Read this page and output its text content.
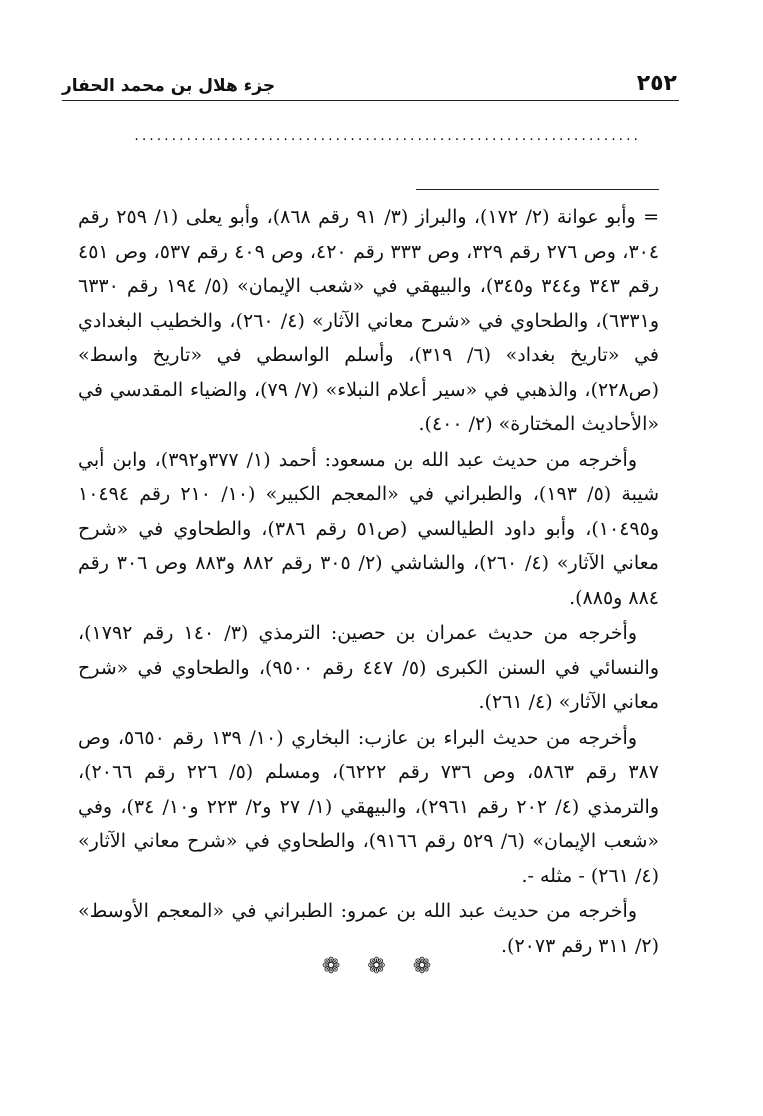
جزء هلال بن محمد الحفار	٢٥٢
....................................................................

= وأبو عوانة (٢/ ١٧٢)، والبراز (٣/ ٩١ رقم ٨٦٨)، وأبو يعلى (١/ ٢٥٩ رقم ٣٠٤، وص ٢٧٦ رقم ٣٢٩، وص ٣٣٣ رقم ٤٢٠، وص ٤٠٩ رقم ٥٣٧، وص ٤٥١ رقم ٣٤٣ و٣٤٤ و٣٤٥)، والبيهقي في «شعب الإيمان» (٥/ ١٩٤ رقم ٦٣٣٠ و٦٣٣١)، والطحاوي في «شرح معاني الآثار» (٤/ ٢٦٠)، والخطيب البغدادي في «تاريخ بغداد» (٦/ ٣١٩)، وأسلم الواسطي في «تاريخ واسط» (ص٢٢٨)، والذهبي في «سير أعلام النبلاء» (٧/ ٧٩)، والضياء المقدسي في «الأحاديث المختارة» (٢/ ٤٠٠).

وأخرجه من حديث عبد الله بن مسعود: أحمد (١/ ٣٧٧و٣٩٢)، وابن أبي شيبة (٥/ ١٩٣)، والطبراني في «المعجم الكبير» (١٠/ ٢١٠ رقم ١٠٤٩٤ و١٠٤٩٥)، وأبو داود الطيالسي (ص٥١ رقم ٣٨٦)، والطحاوي في «شرح معاني الآثار» (٤/ ٢٦٠)، والشاشي (٢/ ٣٠٥ رقم ٨٨٢ و٨٨٣ وص ٣٠٦ رقم ٨٨٤ و٨٨٥).

وأخرجه من حديث عمران بن حصين: الترمذي (٣/ ١٤٠ رقم ١٧٩٢)، والنسائي في السنن الكبرى (٥/ ٤٤٧ رقم ٩٥٠٠)، والطحاوي في «شرح معاني الآثار» (٤/ ٢٦١).

وأخرجه من حديث البراء بن عازب: البخاري (١٠/ ١٣٩ رقم ٥٦٥٠، وص ٣٨٧ رقم ٥٨٦٣، وص ٧٣٦ رقم ٦٢٢٢)، ومسلم (٥/ ٢٢٦ رقم ٢٠٦٦)، والترمذي (٤/ ٢٠٢ رقم ٢٩٦١)، والبيهقي (١/ ٢٧ و٢/ ٢٢٣ و١٠/ ٣٤)، وفي «شعب الإيمان» (٦/ ٥٢٩ رقم ٩١٦٦)، والطحاوي في «شرح معاني الآثار» (٤/ ٢٦١) - مثله -.

وأخرجه من حديث عبد الله بن عمرو: الطبراني في «المعجم الأوسط» (٢/ ٣١١ رقم ٢٠٧٣).

❁ ❁ ❁
